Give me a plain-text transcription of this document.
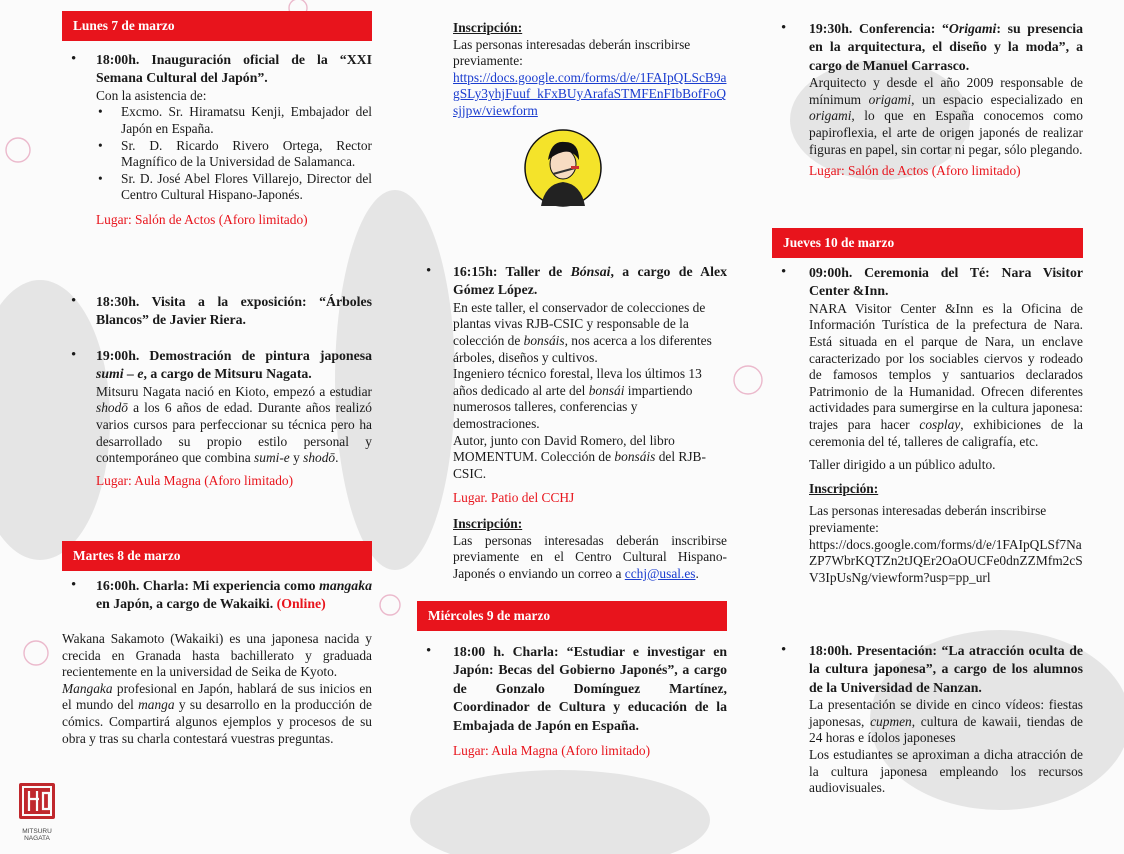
Lunes 7 de marzo
• 18:00h. Inauguración oficial de la “XXI Semana Cultural del Japón”.
Con la asistencia de:
• Excmo. Sr. Hiramatsu Kenji, Embajador del Japón en España.
• Sr. D. Ricardo Rivero Ortega, Rector Magnífico de la Universidad de Salamanca.
• Sr. D. José Abel Flores Villarejo, Director del Centro Cultural Hispano-Japonés.
Lugar: Salón de Actos (Aforo limitado)
• 18:30h. Visita a la exposición: “Árboles Blancos” de Javier Riera.
• 19:00h. Demostración de pintura japonesa sumi – e, a cargo de Mitsuru Nagata.
Mitsuru Nagata nació en Kioto, empezó a estudiar shodō a los 6 años de edad. Durante años realizó varios cursos para perfeccionar su técnica pero ha desarrollado su propio estilo personal y contemporáneo que combina sumi-e y shodō.
Lugar: Aula Magna (Aforo limitado)
Martes 8 de marzo
• 16:00h. Charla: Mi experiencia como mangaka en Japón, a cargo de Wakaiki. (Online)
Wakana Sakamoto (Wakaiki) es una japonesa nacida y crecida en Granada hasta bachillerato y graduada recientemente en la universidad de Seika de Kyoto.
Mangaka profesional en Japón, hablará de sus inicios en el mundo del manga y su desarrollo en la producción de cómics. Compartirá algunos ejemplos y procesos de su obra y tras su charla contestará vuestras preguntas.
MITSURU
NAGATA
Inscripción:
Las personas interesadas deberán inscribirse previamente:
https://docs.google.com/forms/d/e/1FAIpQLScB9agSLy3yhjFuuf_kFxBUyArafaSTMFEnFIbBofFoQsjjpw/viewform
• 16:15h: Taller de Bónsai, a cargo de Alex Gómez López.
En este taller, el conservador de colecciones de plantas vivas RJB-CSIC y responsable de la colección de bonsáis, nos acerca a los diferentes árboles, diseños y cultivos.
Ingeniero técnico forestal, lleva los últimos 13 años dedicado al arte del bonsái impartiendo numerosos talleres, conferencias y demostraciones.
Autor, junto con David Romero, del libro MOMENTUM. Colección de bonsáis del RJB-CSIC.
Lugar. Patio del CCHJ
Inscripción:
Las personas interesadas deberán inscribirse previamente en el Centro Cultural Hispano-Japonés o enviando un correo a cchj@usal.es.
Miércoles 9 de marzo
• 18:00 h. Charla: “Estudiar e investigar en Japón: Becas del Gobierno Japonés”, a cargo de Gonzalo Domínguez Martínez, Coordinador de Cultura y educación de la Embajada de Japón en España.
Lugar: Aula Magna (Aforo limitado)
• 19:30h. Conferencia: “Origami: su presencia en la arquitectura, el diseño y la moda”, a cargo de Manuel Carrasco.
Arquitecto y desde el año 2009 responsable de mínimum origami, un espacio especializado en origami, lo que en España conocemos como papiroflexia, el arte de origen japonés de realizar figuras en papel, sin cortar ni pegar, sólo plegando.
Lugar: Salón de Actos (Aforo limitado)
Jueves 10 de marzo
• 09:00h. Ceremonia del Té: Nara Visitor Center &Inn.
NARA Visitor Center &Inn es la Oficina de Información Turística de la prefectura de Nara. Está situada en el parque de Nara, un enclave caracterizado por los sociables ciervos y rodeado de famosos templos y santuarios declarados Patrimonio de la Humanidad. Ofrecen diferentes actividades para sumergirse en la cultura japonesa: trajes para hacer cosplay, exhibiciones de la ceremonia del té, talleres de caligrafía, etc.
Taller dirigido a un público adulto.
Inscripción:
Las personas interesadas deberán inscribirse previamente:
https://docs.google.com/forms/d/e/1FAIpQLSf7NaZP7WbrKQTZn2tJQEr2OaOUCFe0dnZZMfm2cSV3IpUsNg/viewform?usp=pp_url
• 18:00h. Presentación: “La atracción oculta de la cultura japonesa”, a cargo de los alumnos de la Universidad de Nanzan.
La presentación se divide en cinco vídeos: fiestas japonesas, cupmen, cultura de kawaii, tiendas de 24 horas e ídolos japoneses
Los estudiantes se aproximan a dicha atracción de la cultura japonesa empleando los recursos audiovisuales.
